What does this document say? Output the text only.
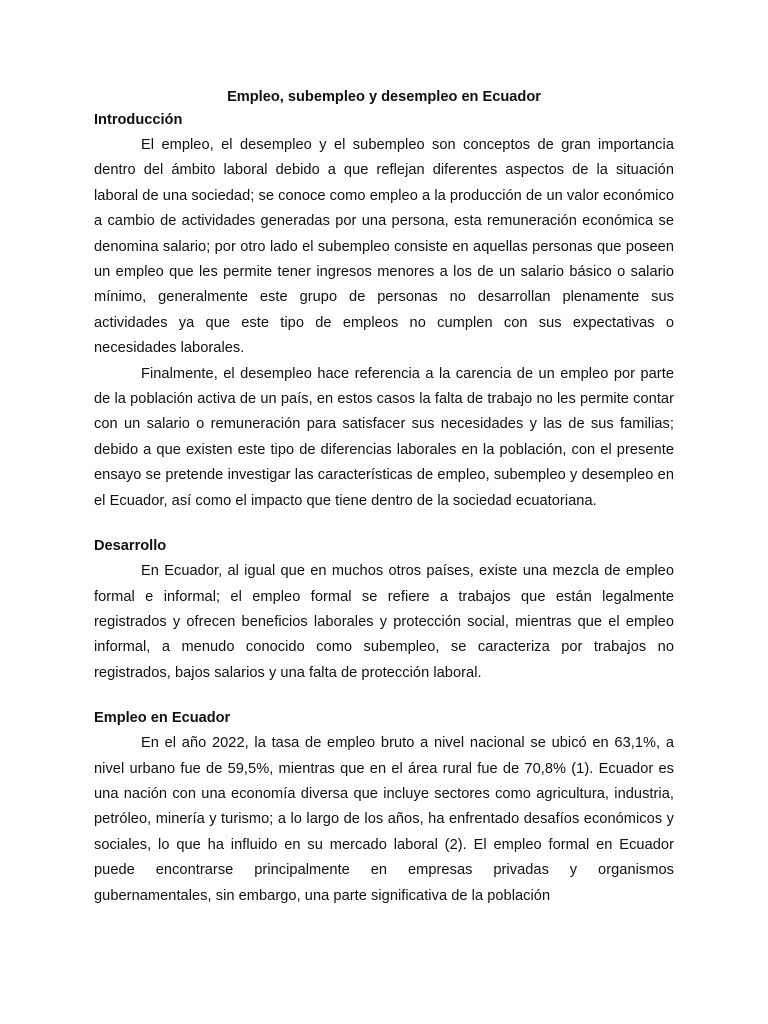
Empleo, subempleo y desempleo en Ecuador

Introducción

El empleo, el desempleo y el subempleo son conceptos de gran importancia dentro del ámbito laboral debido a que reflejan diferentes aspectos de la situación laboral de una sociedad; se conoce como empleo a la producción de un valor económico a cambio de actividades generadas por una persona, esta remuneración económica se denomina salario; por otro lado el subempleo consiste en aquellas personas que poseen un empleo que les permite tener ingresos menores a los de un salario básico o salario mínimo, generalmente este grupo de personas no desarrollan plenamente sus actividades ya que este tipo de empleos no cumplen con sus expectativas o necesidades laborales.

Finalmente, el desempleo hace referencia a la carencia de un empleo por parte de la población activa de un país, en estos casos la falta de trabajo no les permite contar con un salario o remuneración para satisfacer sus necesidades y las de sus familias; debido a que existen este tipo de diferencias laborales en la población, con el presente ensayo se pretende investigar las características de empleo, subempleo y desempleo en el Ecuador, así como el impacto que tiene dentro de la sociedad ecuatoriana.

Desarrollo

En Ecuador, al igual que en muchos otros países, existe una mezcla de empleo formal e informal; el empleo formal se refiere a trabajos que están legalmente registrados y ofrecen beneficios laborales y protección social, mientras que el empleo informal, a menudo conocido como subempleo, se caracteriza por trabajos no registrados, bajos salarios y una falta de protección laboral.

Empleo en Ecuador

En el año 2022, la tasa de empleo bruto a nivel nacional se ubicó en 63,1%, a nivel urbano fue de 59,5%, mientras que en el área rural fue de 70,8% (1). Ecuador es una nación con una economía diversa que incluye sectores como agricultura, industria, petróleo, minería y turismo; a lo largo de los años, ha enfrentado desafíos económicos y sociales, lo que ha influido en su mercado laboral (2). El empleo formal en Ecuador puede encontrarse principalmente en empresas privadas y organismos gubernamentales, sin embargo, una parte significativa de la población
